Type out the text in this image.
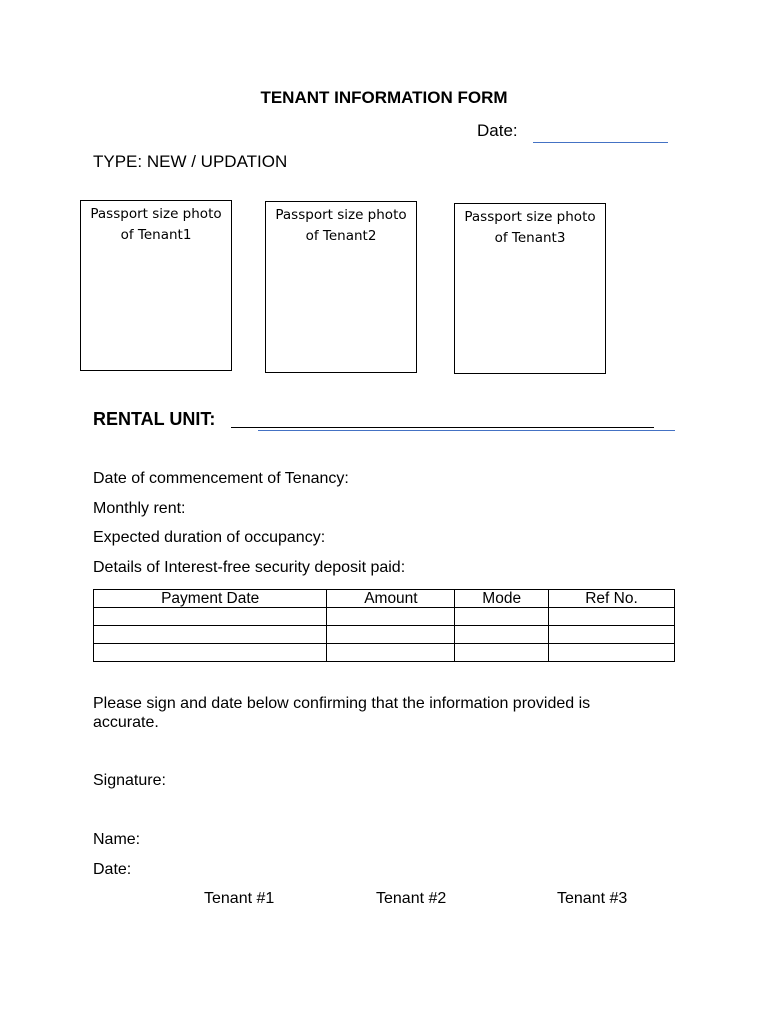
TENANT INFORMATION FORM
Date:
TYPE: NEW / UPDATION
Passport size photo
of Tenant1
Passport size photo
of Tenant2
Passport size photo
of Tenant3
RENTAL UNIT:
Date of commencement of Tenancy:
Monthly rent:
Expected duration of occupancy:
Details of Interest-free security deposit paid:
Payment Date	Amount	Mode	Ref No.

Please sign and date below confirming that the information provided is accurate.
Signature:
Name:
Date:
Tenant #1	Tenant #2	Tenant #3
